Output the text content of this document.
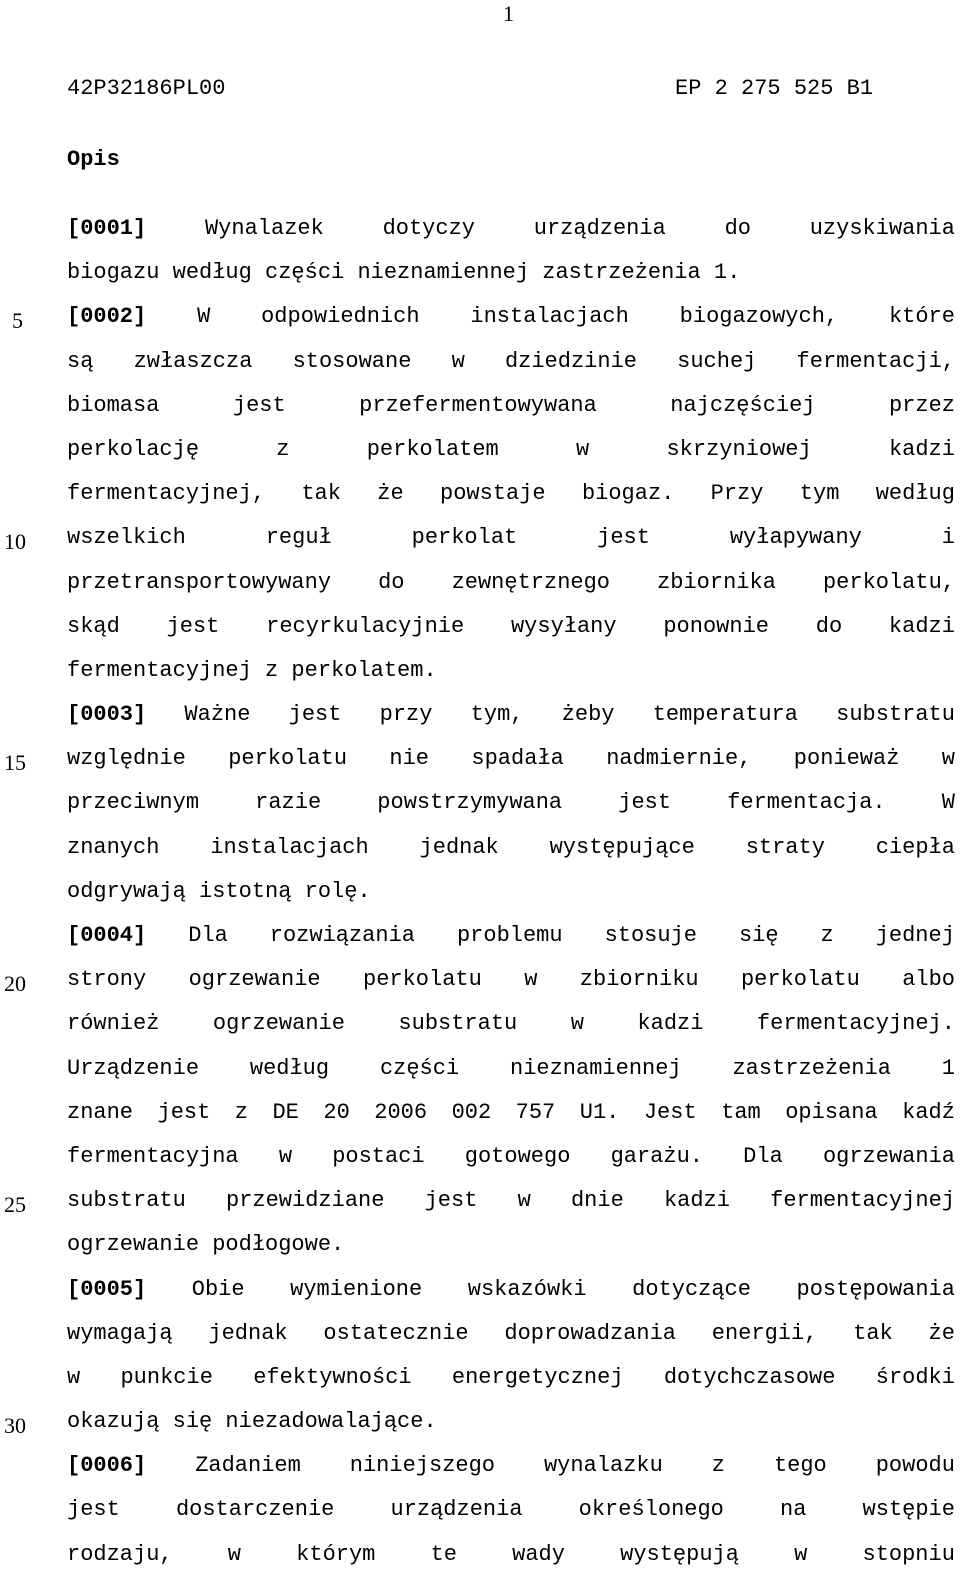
1
42P32186PL00	EP 2 275 525 B1
Opis
5
10
15
20
25
30
[0001]	Wynalazek	dotyczy	urządzenia	do	uzyskiwania
biogazu według części nieznamiennej zastrzeżenia 1.
[0002] W odpowiednich instalacjach biogazowych, które
są zwłaszcza stosowane w dziedzinie suchej fermentacji,
biomasa	jest	przefermentowywana	najczęściej	przez
perkolację	z	perkolatem	w	skrzyniowej	kadzi
fermentacyjnej, tak że powstaje biogaz. Przy tym według
wszelkich	reguł	perkolat	jest	wyłapywany	i
przetransportowywany do zewnętrznego zbiornika perkolatu,
skąd jest recyrkulacyjnie wysyłany ponownie do kadzi
fermentacyjnej z perkolatem.
[0003] Ważne jest przy tym, żeby temperatura substratu
względnie perkolatu nie spadała nadmiernie, ponieważ w
przeciwnym	razie	powstrzymywana	jest	fermentacja.	W
znanych instalacjach jednak występujące straty ciepła
odgrywają istotną rolę.
[0004] Dla rozwiązania problemu stosuje się z jednej
strony ogrzewanie perkolatu w zbiorniku perkolatu albo
również ogrzewanie substratu w kadzi fermentacyjnej.
Urządzenie według części nieznamiennej zastrzeżenia 1
znane jest z DE 20 2006 002 757 U1. Jest tam opisana kadź
fermentacyjna w postaci gotowego garażu. Dla ogrzewania
substratu przewidziane jest w dnie kadzi fermentacyjnej
ogrzewanie podłogowe.
[0005] Obie wymienione wskazówki dotyczące postępowania
wymagają jednak ostatecznie doprowadzania energii, tak że
w punkcie efektywności energetycznej dotychczasowe środki
okazują się niezadowalające.
[0006] Zadaniem niniejszego wynalazku z tego powodu
jest	dostarczenie	urządzenia	określonego	na	wstępie
rodzaju,	w	którym	te	wady	występują	w	stopniu
